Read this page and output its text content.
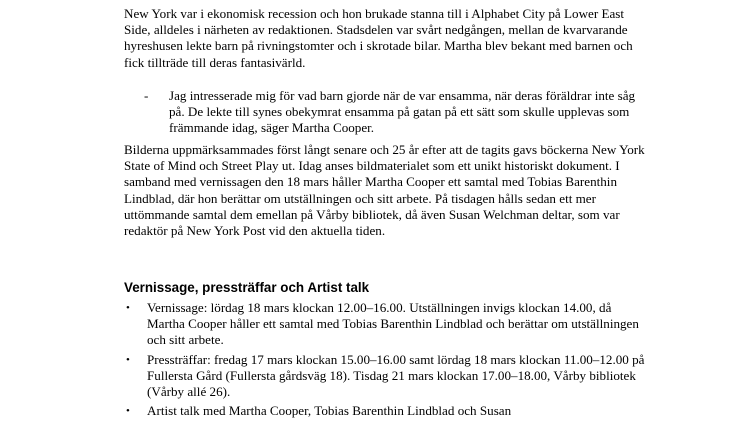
New York var i ekonomisk recession och hon brukade stanna till i Alphabet City på Lower East Side, alldeles i närheten av redaktionen. Stadsdelen var svårt nedgången, mellan de kvarvarande hyreshusen lekte barn på rivningstomter och i skrotade bilar. Martha blev bekant med barnen och fick tillträde till deras fantasivärld.

- Jag intresserade mig för vad barn gjorde när de var ensamma, när deras föräldrar inte såg på. De lekte till synes obekymrat ensamma på gatan på ett sätt som skulle upplevas som främmande idag, säger Martha Cooper.

Bilderna uppmärksammades först långt senare och 25 år efter att de tagits gavs böckerna New York State of Mind och Street Play ut. Idag anses bildmaterialet som ett unikt historiskt dokument. I samband med vernissagen den 18 mars håller Martha Cooper ett samtal med Tobias Barenthin Lindblad, där hon berättar om utställningen och sitt arbete. På tisdagen hålls sedan ett mer uttömmande samtal dem emellan på Vårby bibliotek, då även Susan Welchman deltar, som var redaktör på New York Post vid den aktuella tiden.

Vernissage, pressträffar och Artist talk
• Vernissage: lördag 18 mars klockan 12.00–16.00. Utställningen invigs klockan 14.00, då Martha Cooper håller ett samtal med Tobias Barenthin Lindblad och berättar om utställningen och sitt arbete.
• Pressträffar: fredag 17 mars klockan 15.00–16.00 samt lördag 18 mars klockan 11.00–12.00 på Fullersta Gård (Fullersta gårdsväg 18). Tisdag 21 mars klockan 17.00–18.00, Vårby bibliotek (Vårby allé 26).
• Artist talk med Martha Cooper, Tobias Barenthin Lindblad och Susan
